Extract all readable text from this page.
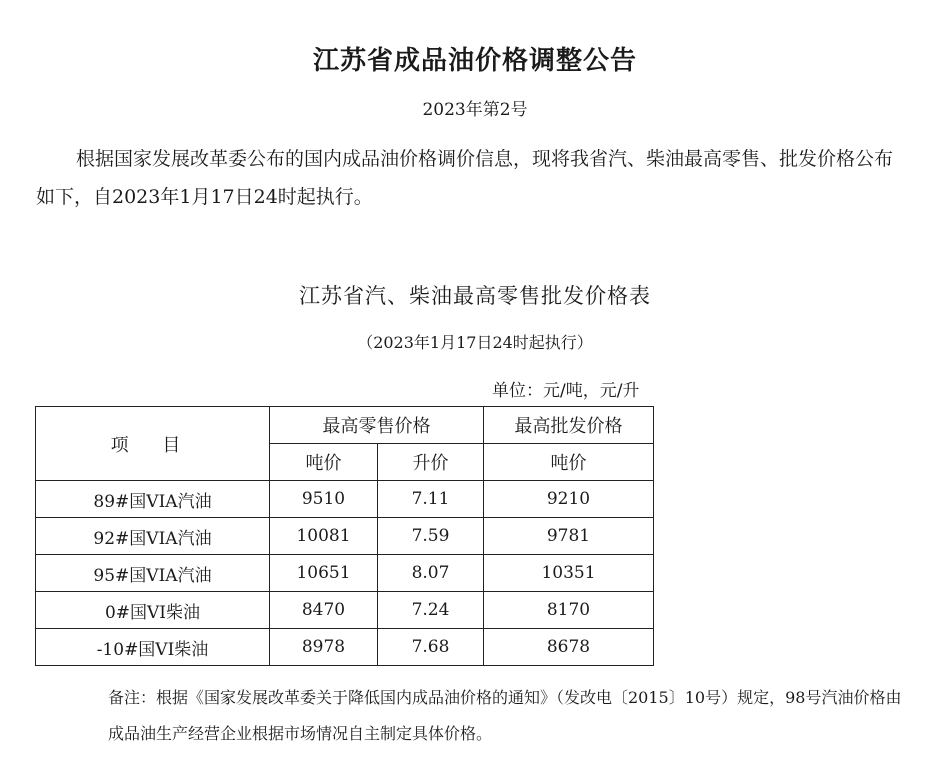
江苏省成品油价格调整公告
2023年第2号
根据国家发展改革委公布的国内成品油价格调价信息，现将我省汽、柴油最高零售、批发价格公布如下，自2023年1月17日24时起执行。
江苏省汽、柴油最高零售批发价格表
（2023年1月17日24时起执行）
单位：元/吨，元/升
项 目	最高零售价格		最高批发价格
	吨价	升价	吨价
89#国VIA汽油	9510	7.11	9210
92#国VIA汽油	10081	7.59	9781
95#国VIA汽油	10651	8.07	10351
0#国VI柴油	8470	7.24	8170
-10#国VI柴油	8978	7.68	8678
备注：根据《国家发展改革委关于降低国内成品油价格的通知》（发改电〔2015〕10号）规定，98号汽油价格由成品油生产经营企业根据市场情况自主制定具体价格。
